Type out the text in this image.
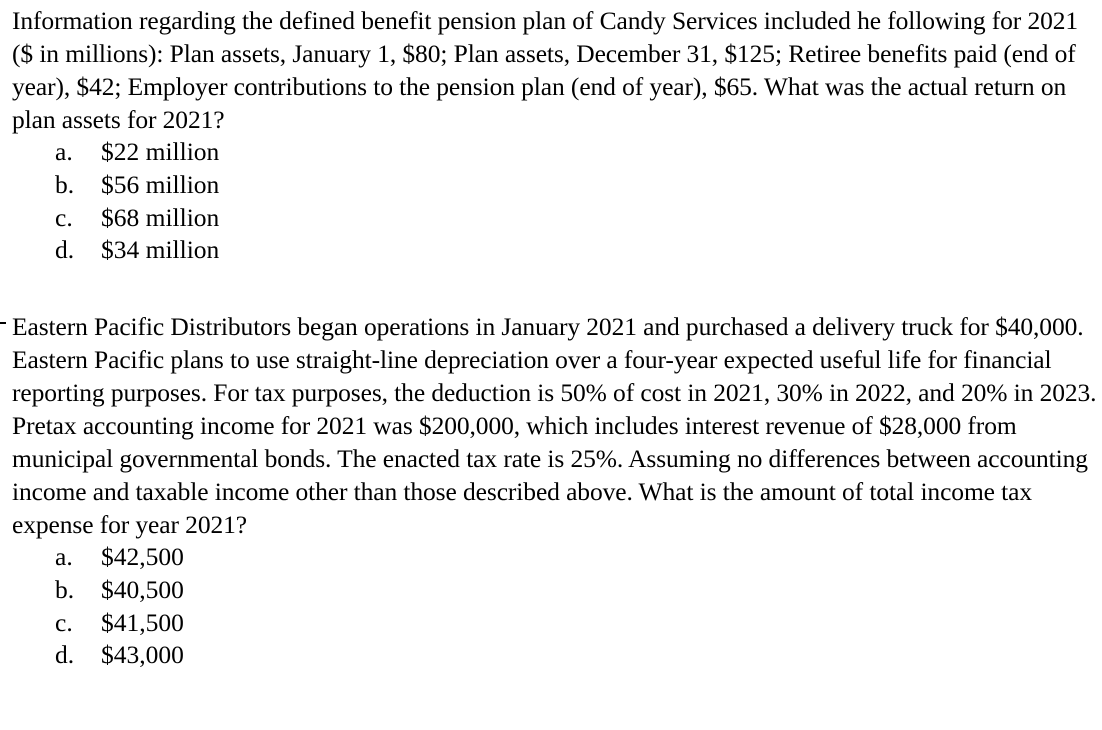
Information regarding the defined benefit pension plan of Candy Services included he following for 2021 ($ in millions): Plan assets, January 1, $80; Plan assets, December 31, $125; Retiree benefits paid (end of year), $42; Employer contributions to the pension plan (end of year), $65. What was the actual return on plan assets for 2021?

a. $22 million
b. $56 million
c. $68 million
d. $34 million

Eastern Pacific Distributors began operations in January 2021 and purchased a delivery truck for $40,000. Eastern Pacific plans to use straight-line depreciation over a four-year expected useful life for financial reporting purposes. For tax purposes, the deduction is 50% of cost in 2021, 30% in 2022, and 20% in 2023. Pretax accounting income for 2021 was $200,000, which includes interest revenue of $28,000 from municipal governmental bonds. The enacted tax rate is 25%. Assuming no differences between accounting income and taxable income other than those described above. What is the amount of total income tax expense for year 2021?

a. $42,500
b. $40,500
c. $41,500
d. $43,000
